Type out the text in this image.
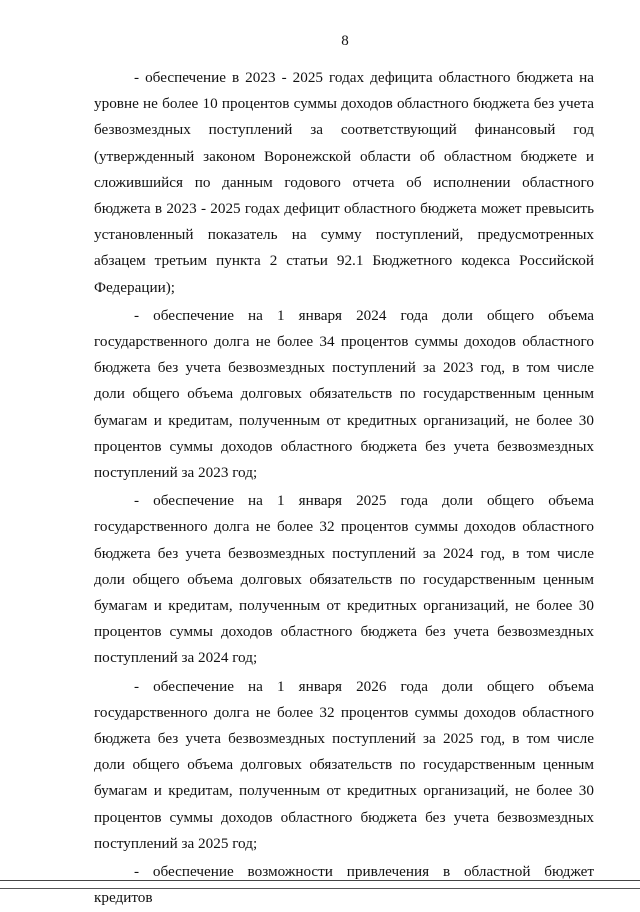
8

- обеспечение в 2023 - 2025 годах дефицита областного бюджета на уровне не более 10 процентов суммы доходов областного бюджета без учета безвозмездных поступлений за соответствующий финансовый год (утвержденный законом Воронежской области об областном бюджете и сложившийся по данным годового отчета об исполнении областного бюджета в 2023 - 2025 годах дефицит областного бюджета может превысить установленный показатель на сумму поступлений, предусмотренных абзацем третьим пункта 2 статьи 92.1 Бюджетного кодекса Российской Федерации);

- обеспечение на 1 января 2024 года доли общего объема государственного долга не более 34 процентов суммы доходов областного бюджета без учета безвозмездных поступлений за 2023 год, в том числе доли общего объема долговых обязательств по государственным ценным бумагам и кредитам, полученным от кредитных организаций, не более 30 процентов суммы доходов областного бюджета без учета безвозмездных поступлений за 2023 год;

- обеспечение на 1 января 2025 года доли общего объема государственного долга не более 32 процентов суммы доходов областного бюджета без учета безвозмездных поступлений за 2024 год, в том числе доли общего объема долговых обязательств по государственным ценным бумагам и кредитам, полученным от кредитных организаций, не более 30 процентов суммы доходов областного бюджета без учета безвозмездных поступлений за 2024 год;

- обеспечение на 1 января 2026 года доли общего объема государственного долга не более 32 процентов суммы доходов областного бюджета без учета безвозмездных поступлений за 2025 год, в том числе доли общего объема долговых обязательств по государственным ценным бумагам и кредитам, полученным от кредитных организаций, не более 30 процентов суммы доходов областного бюджета без учета безвозмездных поступлений за 2025 год;

- обеспечение возможности привлечения в областной бюджет кредитов
